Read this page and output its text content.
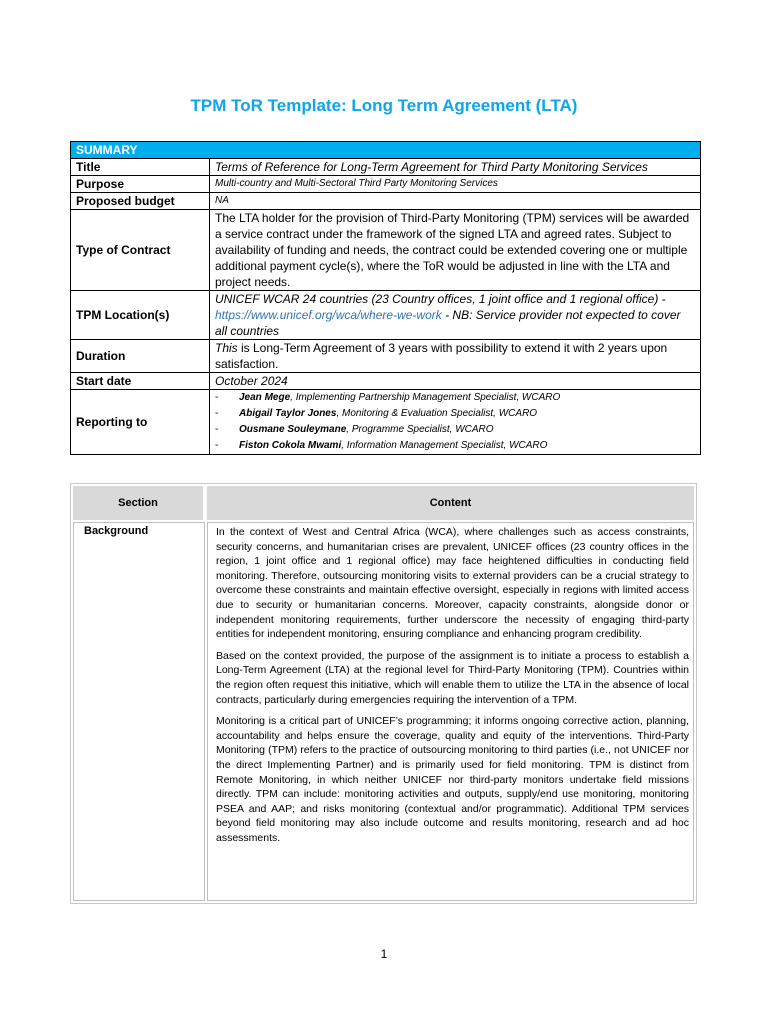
TPM ToR Template: Long Term Agreement (LTA)
SUMMARY	
Title	Terms of Reference for Long-Term Agreement for Third Party Monitoring Services
Purpose	Multi-country and Multi-Sectoral Third Party Monitoring Services
Proposed budget	NA
Type of Contract	The LTA holder for the provision of Third-Party Monitoring (TPM) services will be awarded a service contract under the framework of the signed LTA and agreed rates. Subject to availability of funding and needs, the contract could be extended covering one or multiple additional payment cycle(s), where the ToR would be adjusted in line with the LTA and project needs.
TPM Location(s)	UNICEF WCAR 24 countries (23 Country offices, 1 joint office and 1 regional office) - https://www.unicef.org/wca/where-we-work - NB: Service provider not expected to cover all countries
Duration	This is Long-Term Agreement of 3 years with possibility to extend it with 2 years upon satisfaction.
Start date	October 2024
Reporting to	- Jean Mege, Implementing Partnership Management Specialist, WCARO
- Abigail Taylor Jones, Monitoring & Evaluation Specialist, WCARO
- Ousmane Souleymane, Programme Specialist, WCARO
- Fiston Cokola Mwami, Information Management Specialist, WCARO
Section	Content
Background	In the context of West and Central Africa (WCA), where challenges such as access constraints, security concerns, and humanitarian crises are prevalent, UNICEF offices (23 country offices in the region, 1 joint office and 1 regional office) may face heightened difficulties in conducting field monitoring. Therefore, outsourcing monitoring visits to external providers can be a crucial strategy to overcome these constraints and maintain effective oversight, especially in regions with limited access due to security or humanitarian concerns. Moreover, capacity constraints, alongside donor or independent monitoring requirements, further underscore the necessity of engaging third-party entities for independent monitoring, ensuring compliance and enhancing program credibility.

Based on the context provided, the purpose of the assignment is to initiate a process to establish a Long-Term Agreement (LTA) at the regional level for Third-Party Monitoring (TPM). Countries within the region often request this initiative, which will enable them to utilize the LTA in the absence of local contracts, particularly during emergencies requiring the intervention of a TPM.

Monitoring is a critical part of UNICEF’s programming; it informs ongoing corrective action, planning, accountability and helps ensure the coverage, quality and equity of the interventions. Third-Party Monitoring (TPM) refers to the practice of outsourcing monitoring to third parties (i.e., not UNICEF nor the direct Implementing Partner) and is primarily used for field monitoring. TPM is distinct from Remote Monitoring, in which neither UNICEF nor third-party monitors undertake field missions directly. TPM can include: monitoring activities and outputs, supply/end use monitoring, monitoring PSEA and AAP; and risks monitoring (contextual and/or programmatic). Additional TPM services beyond field monitoring may also include outcome and results monitoring, research and ad hoc assessments.

1
